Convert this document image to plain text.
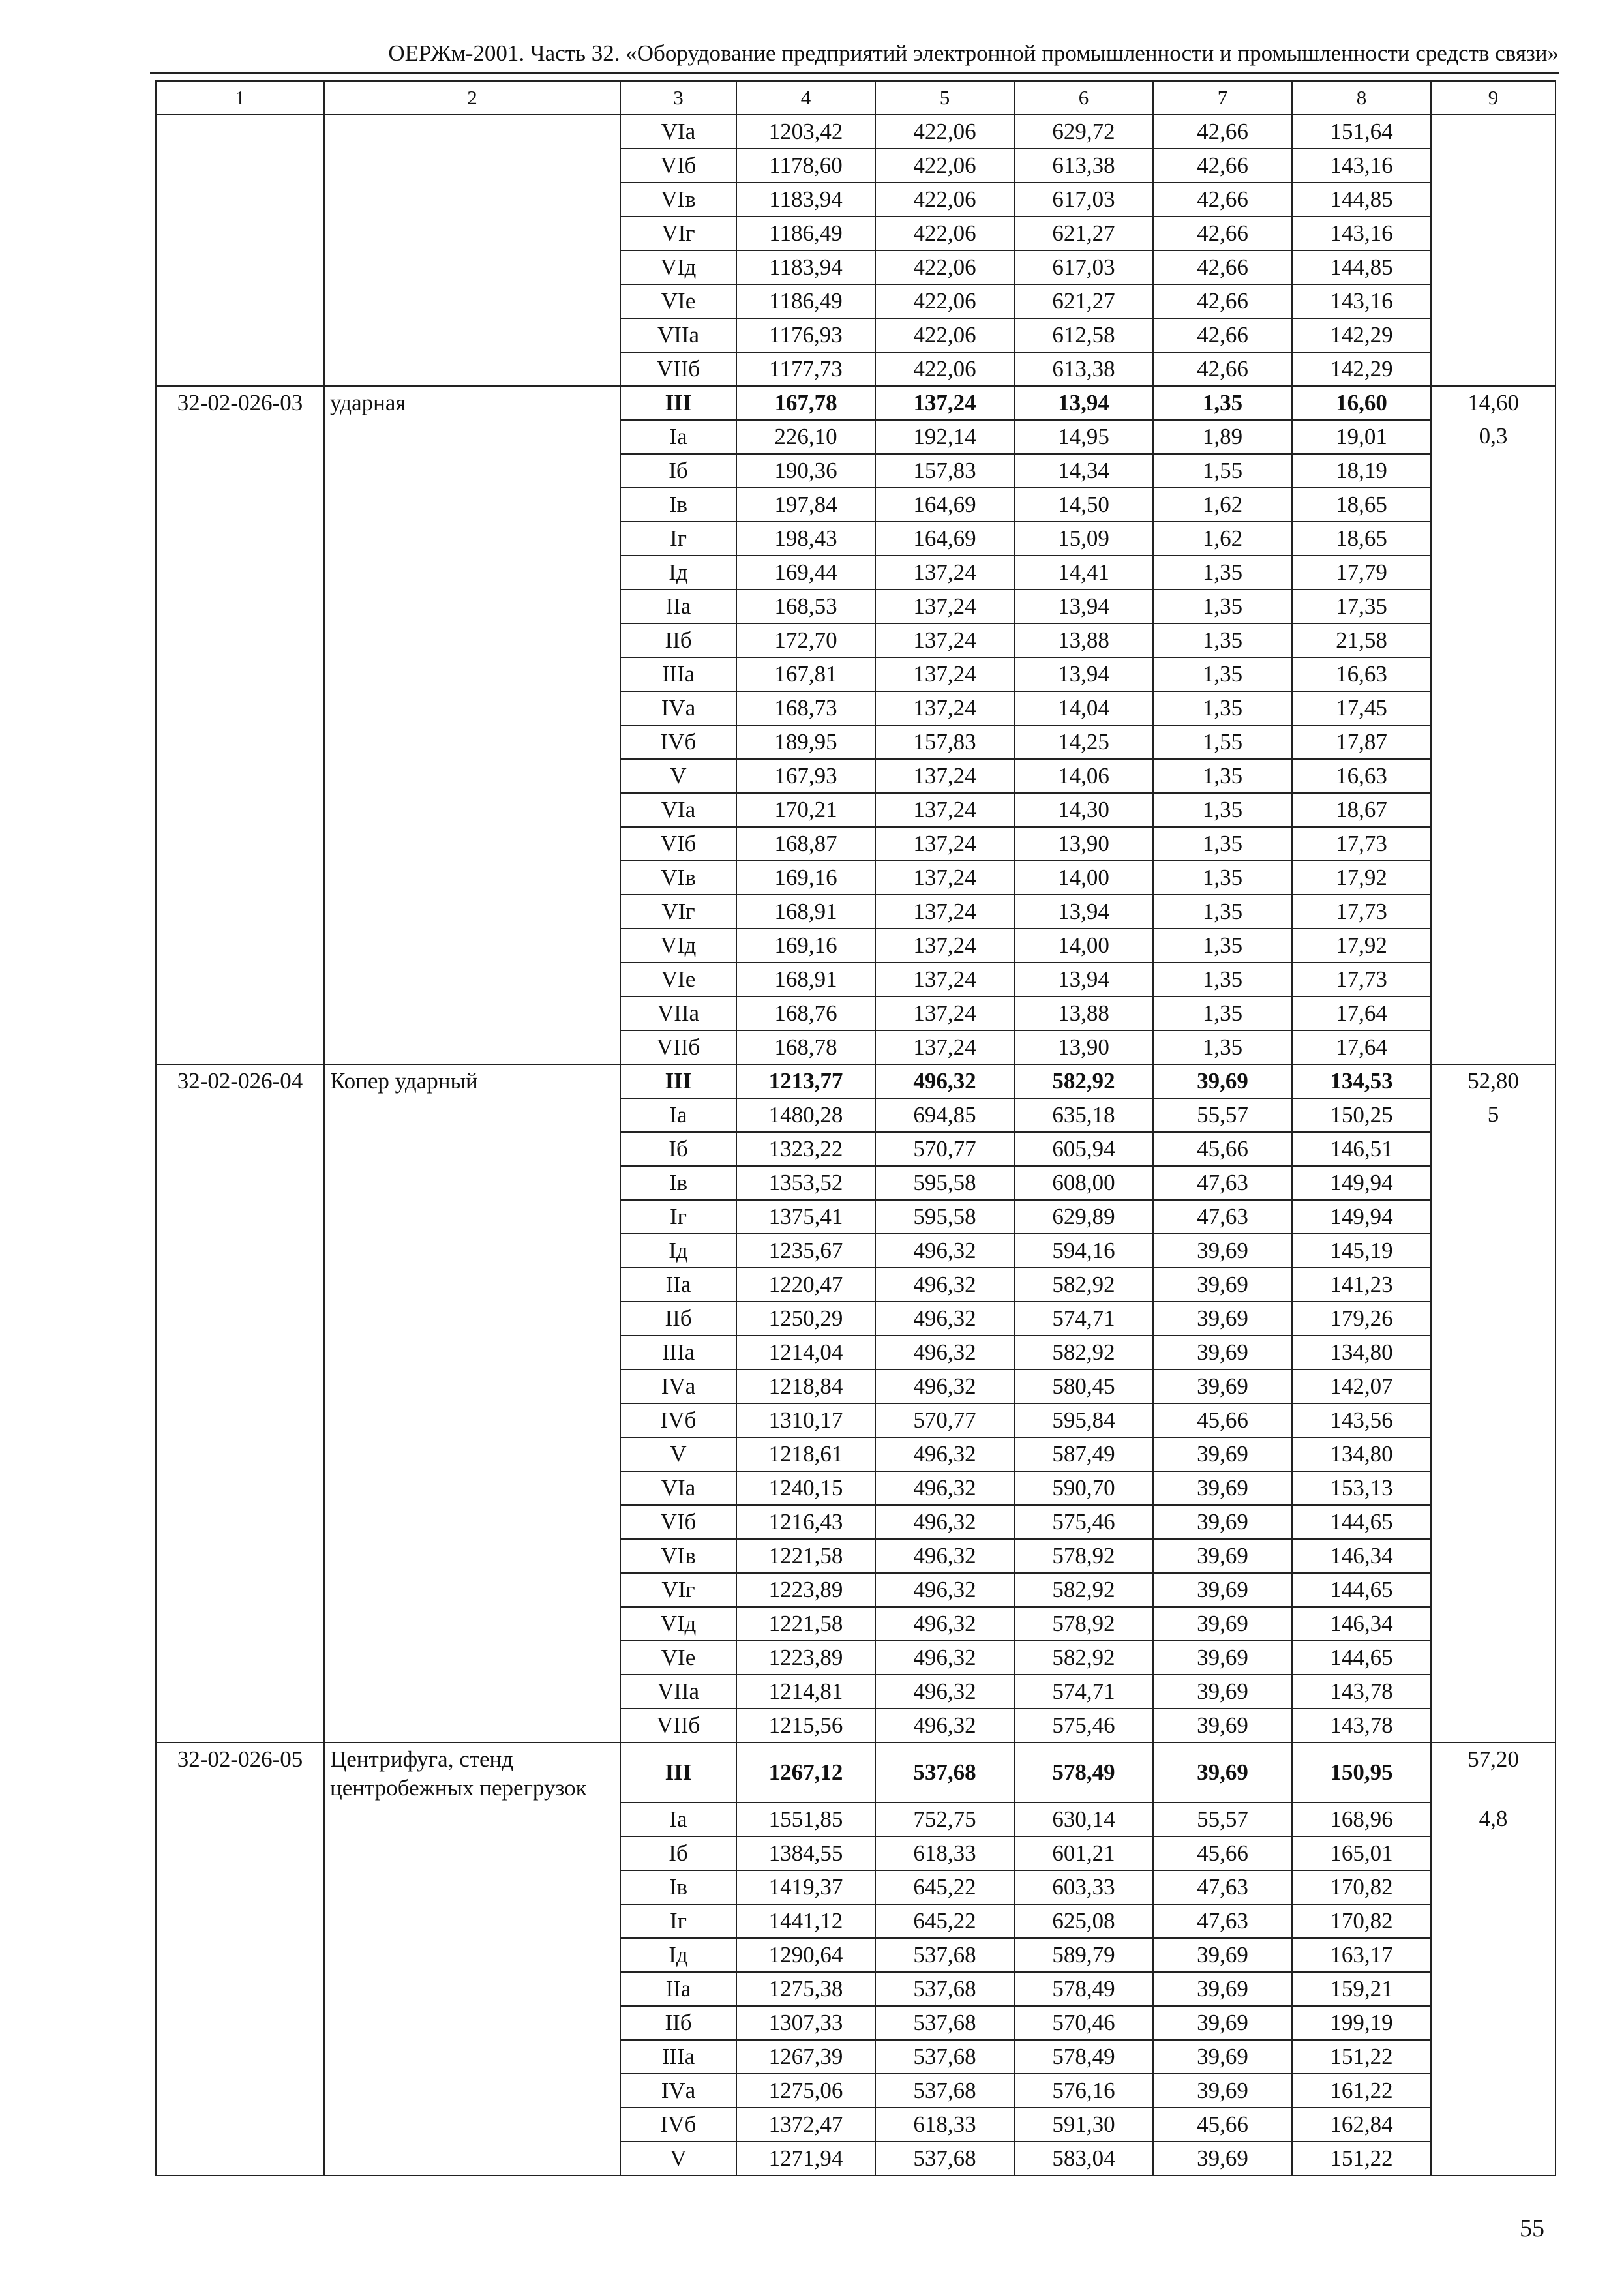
ОЕРЖм-2001. Часть 32. «Оборудование предприятий электронной промышленности и промышленности средств связи»
1	2	3	4	5	6	7	8	9
		VIа	1203,42	422,06	629,72	42,66	151,64	
		VIб	1178,60	422,06	613,38	42,66	143,16	
		VIв	1183,94	422,06	617,03	42,66	144,85	
		VIг	1186,49	422,06	621,27	42,66	143,16	
		VIд	1183,94	422,06	617,03	42,66	144,85	
		VIе	1186,49	422,06	621,27	42,66	143,16	
		VIIа	1176,93	422,06	612,58	42,66	142,29	
		VIIб	1177,73	422,06	613,38	42,66	142,29	
32-02-026-03	ударная	III	167,78	137,24	13,94	1,35	16,60	14,60
		Iа	226,10	192,14	14,95	1,89	19,01	0,3
		Iб	190,36	157,83	14,34	1,55	18,19	
		Iв	197,84	164,69	14,50	1,62	18,65	
		Iг	198,43	164,69	15,09	1,62	18,65	
		Iд	169,44	137,24	14,41	1,35	17,79	
		IIа	168,53	137,24	13,94	1,35	17,35	
		IIб	172,70	137,24	13,88	1,35	21,58	
		IIIа	167,81	137,24	13,94	1,35	16,63	
		IVа	168,73	137,24	14,04	1,35	17,45	
		IVб	189,95	157,83	14,25	1,55	17,87	
		V	167,93	137,24	14,06	1,35	16,63	
		VIа	170,21	137,24	14,30	1,35	18,67	
		VIб	168,87	137,24	13,90	1,35	17,73	
		VIв	169,16	137,24	14,00	1,35	17,92	
		VIг	168,91	137,24	13,94	1,35	17,73	
		VIд	169,16	137,24	14,00	1,35	17,92	
		VIе	168,91	137,24	13,94	1,35	17,73	
		VIIа	168,76	137,24	13,88	1,35	17,64	
		VIIб	168,78	137,24	13,90	1,35	17,64	
32-02-026-04	Копер ударный	III	1213,77	496,32	582,92	39,69	134,53	52,80
		Iа	1480,28	694,85	635,18	55,57	150,25	5
		Iб	1323,22	570,77	605,94	45,66	146,51	
		Iв	1353,52	595,58	608,00	47,63	149,94	
		Iг	1375,41	595,58	629,89	47,63	149,94	
		Iд	1235,67	496,32	594,16	39,69	145,19	
		IIа	1220,47	496,32	582,92	39,69	141,23	
		IIб	1250,29	496,32	574,71	39,69	179,26	
		IIIа	1214,04	496,32	582,92	39,69	134,80	
		IVа	1218,84	496,32	580,45	39,69	142,07	
		IVб	1310,17	570,77	595,84	45,66	143,56	
		V	1218,61	496,32	587,49	39,69	134,80	
		VIа	1240,15	496,32	590,70	39,69	153,13	
		VIб	1216,43	496,32	575,46	39,69	144,65	
		VIв	1221,58	496,32	578,92	39,69	146,34	
		VIг	1223,89	496,32	582,92	39,69	144,65	
		VIд	1221,58	496,32	578,92	39,69	146,34	
		VIе	1223,89	496,32	582,92	39,69	144,65	
		VIIа	1214,81	496,32	574,71	39,69	143,78	
		VIIб	1215,56	496,32	575,46	39,69	143,78	
32-02-026-05	Центрифуга, стенд центробежных перегрузок	III	1267,12	537,68	578,49	39,69	150,95	57,20
		Iа	1551,85	752,75	630,14	55,57	168,96	4,8
		Iб	1384,55	618,33	601,21	45,66	165,01	
		Iв	1419,37	645,22	603,33	47,63	170,82	
		Iг	1441,12	645,22	625,08	47,63	170,82	
		Iд	1290,64	537,68	589,79	39,69	163,17	
		IIа	1275,38	537,68	578,49	39,69	159,21	
		IIб	1307,33	537,68	570,46	39,69	199,19	
		IIIа	1267,39	537,68	578,49	39,69	151,22	
		IVа	1275,06	537,68	576,16	39,69	161,22	
		IVб	1372,47	618,33	591,30	45,66	162,84	
		V	1271,94	537,68	583,04	39,69	151,22	
55
